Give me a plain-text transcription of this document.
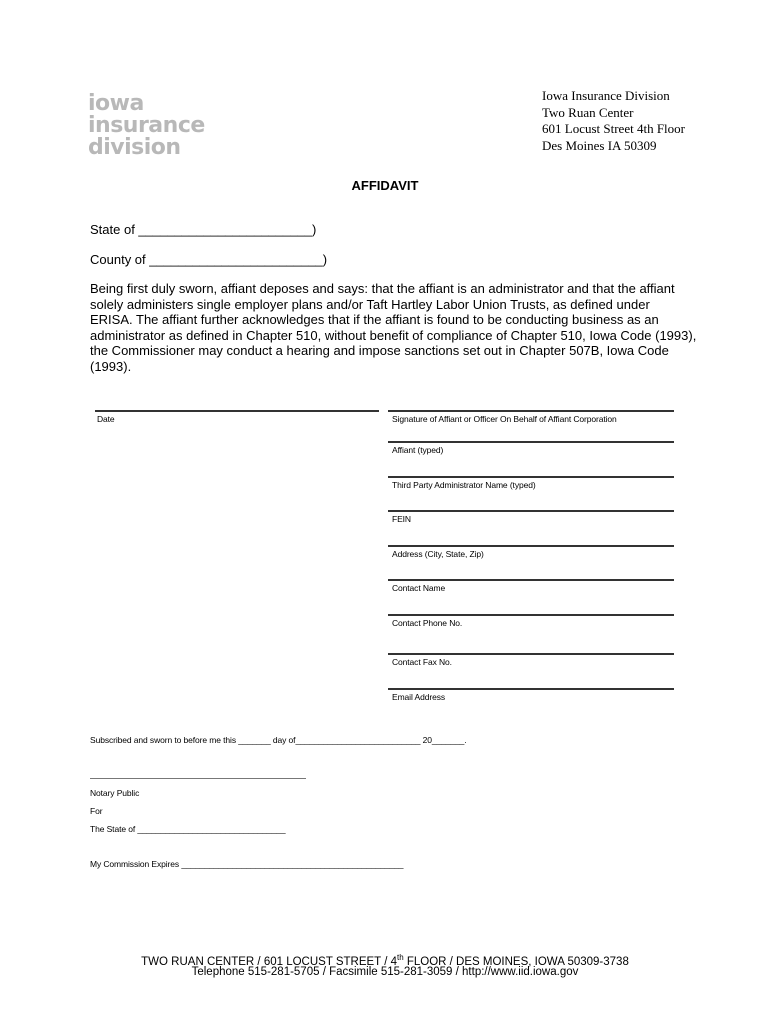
iowa
insurance
division
Iowa Insurance Division
Two Ruan Center
601 Locust Street 4th Floor
Des Moines IA 50309
AFFIDAVIT
State of ________________________)
County of ________________________)
Being first duly sworn, affiant deposes and says: that the affiant is an administrator and that the affiant
solely administers single employer plans and/or Taft Hartley Labor Union Trusts, as defined under
ERISA. The affiant further acknowledges that if the affiant is found to be conducting business as an
administrator as defined in Chapter 510, without benefit of compliance of Chapter 510, Iowa Code (1993),
the Commissioner may conduct a hearing and impose sanctions set out in Chapter 507B, Iowa Code
(1993).
Date	Signature of Affiant or Officer On Behalf of Affiant Corporation
Affiant (typed)
Third Party Administrator Name (typed)
FEIN
Address (City, State, Zip)
Contact Name
Contact Phone No.
Contact Fax No.
Email Address
Subscribed and sworn to before me this _______ day of___________________________ 20_______.
Notary Public
For
The State of ________________________________
My Commission Expires ________________________________________________
TWO RUAN CENTER / 601 LOCUST STREET / 4th FLOOR / DES MOINES, IOWA 50309-3738
Telephone 515-281-5705 / Facsimile 515-281-3059 / http://www.iid.iowa.gov
